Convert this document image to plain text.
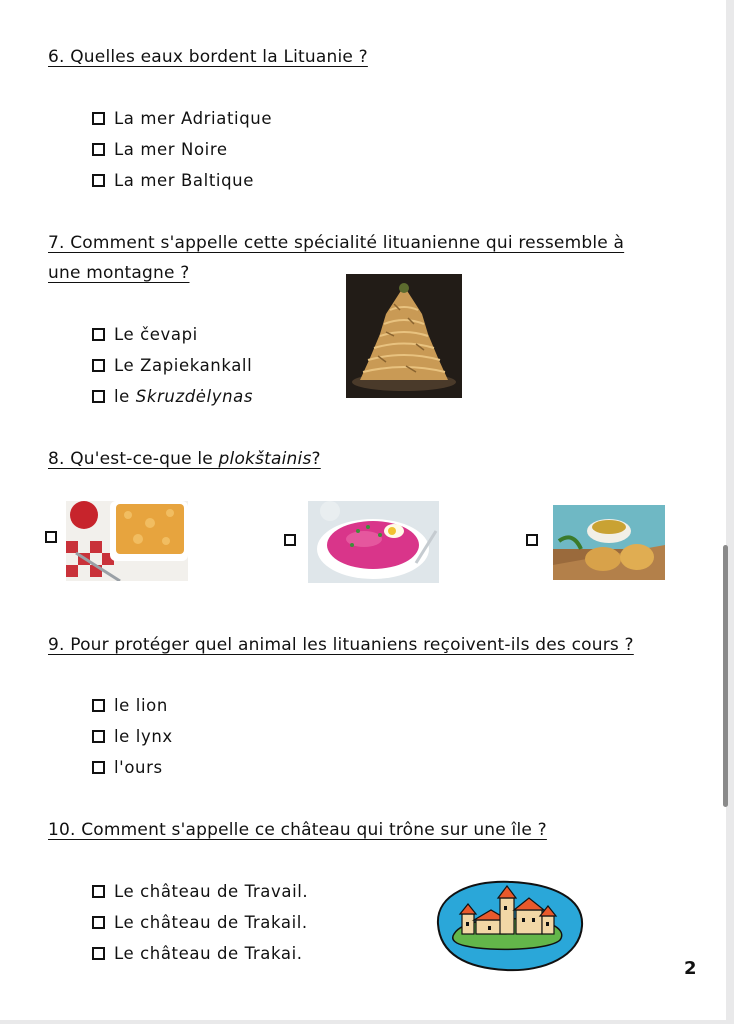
6. Quelles eaux bordent la Lituanie ?
La mer Adriatique
La mer Noire
La mer Baltique
7. Comment s'appelle cette spécialité lituanienne qui ressemble à
une montagne ?
Le čevapi
Le Zapiekankall
le
Skruzdėlynas
8. Qu'est-ce-que le plokštainis?
9. Pour protéger quel animal les lituaniens reçoivent-ils des cours ?
le lion
le lynx
l'ours
10. Comment s'appelle ce château qui trône sur une île ?
Le château de Travail.
Le château de Trakail.
Le château de Trakai.
2
